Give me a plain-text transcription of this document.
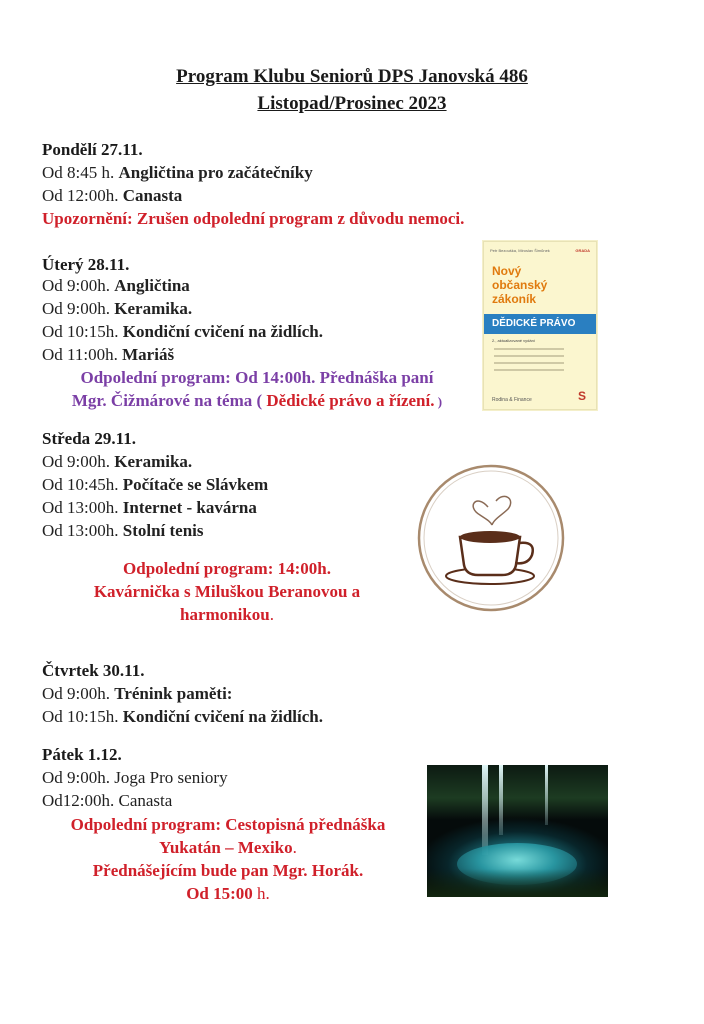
Program Klubu Seniorů DPS Janovská 486
Listopad/Prosinec 2023
Pondělí 27.11.
Od 8:45 h. Angličtina pro začátečníky
Od 12:00h. Canasta
Upozornění: Zrušen odpolední program z důvodu nemoci.
Úterý 28.11.
Od 9:00h. Angličtina
Od 9:00h. Keramika.
Od 10:15h. Kondiční cvičení na židlích.
Od 11:00h. Mariáš
Odpolední program: Od 14:00h. Přednáška paní
Mgr. Čižmárové na téma ( Dědické právo a řízení. )
Petr Bezouška, Miroslav Šimůnek	GRADA
Nový
občanský
zákoník
DĚDICKÉ PRÁVO
2., aktualizované vydání
Rodina & Finance	S
Středa 29.11.
Od 9:00h. Keramika.
Od 10:45h. Počítače se Slávkem
Od 13:00h. Internet - kavárna
Od 13:00h. Stolní tenis
Odpolední program: 14:00h.
Kavárnička s Miluškou Beranovou a
harmonikou.
Čtvrtek 30.11.
Od 9:00h. Trénink paměti:
Od 10:15h. Kondiční cvičení na židlích.
Pátek 1.12.
Od 9:00h. Joga Pro seniory
Od12:00h. Canasta
Odpolední program: Cestopisná přednáška
Yukatán – Mexiko.
Přednášejícím bude pan Mgr. Horák.
Od 15:00 h.
